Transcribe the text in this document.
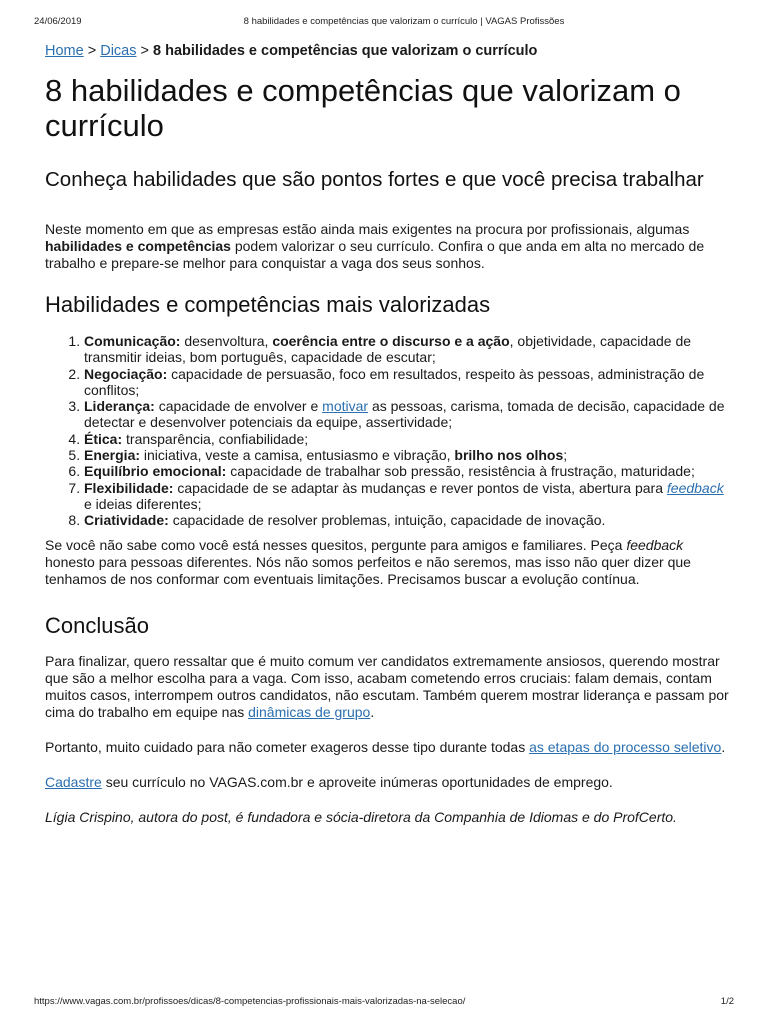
24/06/2019	8 habilidades e competências que valorizam o currículo | VAGAS Profissões

Home > Dicas > 8 habilidades e competências que valorizam o currículo

8 habilidades e competências que valorizam o currículo
Conheça habilidades que são pontos fortes e que você precisa trabalhar

Neste momento em que as empresas estão ainda mais exigentes na procura por profissionais, algumas habilidades e competências podem valorizar o seu currículo. Confira o que anda em alta no mercado de trabalho e prepare-se melhor para conquistar a vaga dos seus sonhos.

Habilidades e competências mais valorizadas
1. Comunicação: desenvoltura, coerência entre o discurso e a ação, objetividade, capacidade de transmitir ideias, bom português, capacidade de escutar;
2. Negociação: capacidade de persuasão, foco em resultados, respeito às pessoas, administração de conflitos;
3. Liderança: capacidade de envolver e motivar as pessoas, carisma, tomada de decisão, capacidade de detectar e desenvolver potenciais da equipe, assertividade;
4. Ética: transparência, confiabilidade;
5. Energia: iniciativa, veste a camisa, entusiasmo e vibração, brilho nos olhos;
6. Equilíbrio emocional: capacidade de trabalhar sob pressão, resistência à frustração, maturidade;
7. Flexibilidade: capacidade de se adaptar às mudanças e rever pontos de vista, abertura para feedback e ideias diferentes;
8. Criatividade: capacidade de resolver problemas, intuição, capacidade de inovação.

Se você não sabe como você está nesses quesitos, pergunte para amigos e familiares. Peça feedback honesto para pessoas diferentes. Nós não somos perfeitos e não seremos, mas isso não quer dizer que tenhamos de nos conformar com eventuais limitações. Precisamos buscar a evolução contínua.

Conclusão

Para finalizar, quero ressaltar que é muito comum ver candidatos extremamente ansiosos, querendo mostrar que são a melhor escolha para a vaga. Com isso, acabam cometendo erros cruciais: falam demais, contam muitos casos, interrompem outros candidatos, não escutam. Também querem mostrar liderança e passam por cima do trabalho em equipe nas dinâmicas de grupo.

Portanto, muito cuidado para não cometer exageros desse tipo durante todas as etapas do processo seletivo.

Cadastre seu currículo no VAGAS.com.br e aproveite inúmeras oportunidades de emprego.

Lígia Crispino, autora do post, é fundadora e sócia-diretora da Companhia de Idiomas e do ProfCerto.

https://www.vagas.com.br/profissoes/dicas/8-competencias-profissionais-mais-valorizadas-na-selecao/	1/2
